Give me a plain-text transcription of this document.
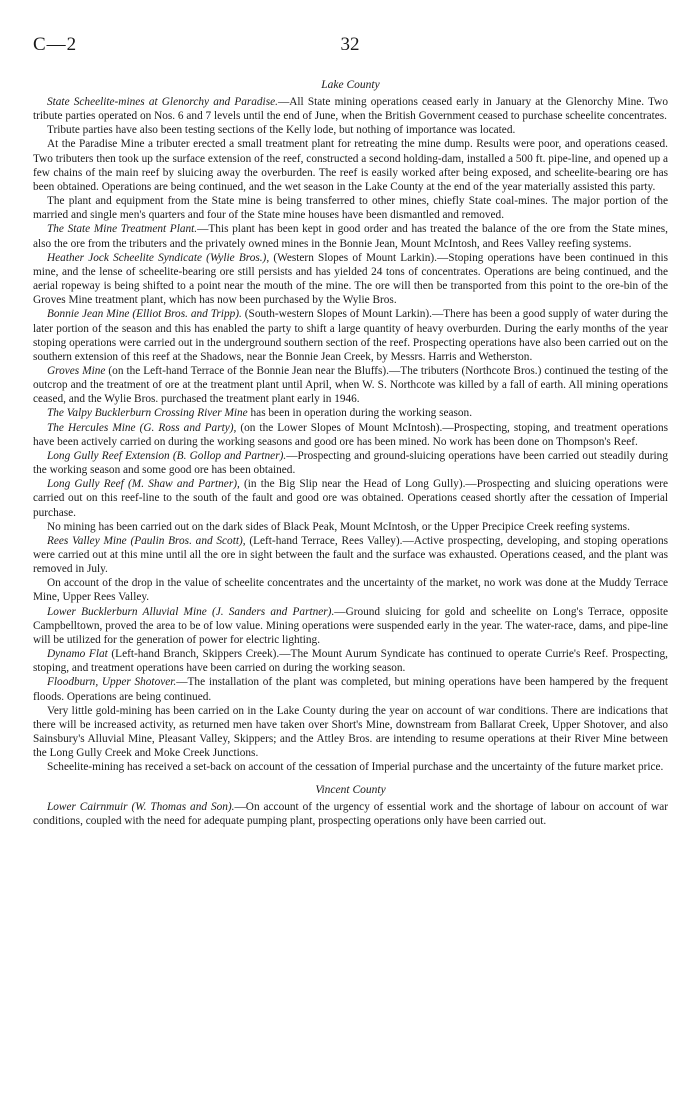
C—2	32
Lake County

State Scheelite-mines at Glenorchy and Paradise.—All State mining operations ceased early in January at the Glenorchy Mine. Two tribute parties operated on Nos. 6 and 7 levels until the end of June, when the British Government ceased to purchase scheelite concentrates.

Tribute parties have also been testing sections of the Kelly lode, but nothing of importance was located.

At the Paradise Mine a tributer erected a small treatment plant for retreating the mine dump. Results were poor, and operations ceased. Two tributers then took up the surface extension of the reef, constructed a second holding-dam, installed a 500 ft. pipe-line, and opened up a few chains of the main reef by sluicing away the overburden. The reef is easily worked after being exposed, and scheelite-bearing ore has been obtained. Operations are being continued, and the wet season in the Lake County at the end of the year materially assisted this party.

The plant and equipment from the State mine is being transferred to other mines, chiefly State coal-mines. The major portion of the married and single men's quarters and four of the State mine houses have been dismantled and removed.

The State Mine Treatment Plant.—This plant has been kept in good order and has treated the balance of the ore from the State mines, also the ore from the tributers and the privately owned mines in the Bonnie Jean, Mount McIntosh, and Rees Valley reefing systems.

Heather Jock Scheelite Syndicate (Wylie Bros.), (Western Slopes of Mount Larkin).—Stoping operations have been continued in this mine, and the lense of scheelite-bearing ore still persists and has yielded 24 tons of concentrates. Operations are being continued, and the aerial ropeway is being shifted to a point near the mouth of the mine. The ore will then be transported from this point to the ore-bin of the Groves Mine treatment plant, which has now been purchased by the Wylie Bros.

Bonnie Jean Mine (Elliot Bros. and Tripp). (South-western Slopes of Mount Larkin).—There has been a good supply of water during the later portion of the season and this has enabled the party to shift a large quantity of heavy overburden. During the early months of the year stoping operations were carried out in the underground southern section of the reef. Prospecting operations have also been carried out on the southern extension of this reef at the Shadows, near the Bonnie Jean Creek, by Messrs. Harris and Wetherston.

Groves Mine (on the Left-hand Terrace of the Bonnie Jean near the Bluffs).—The tributers (Northcote Bros.) continued the testing of the outcrop and the treatment of ore at the treatment plant until April, when W. S. Northcote was killed by a fall of earth. All mining operations ceased, and the Wylie Bros. purchased the treatment plant early in 1946.

The Valpy Bucklerburn Crossing River Mine has been in operation during the working season.

The Hercules Mine (G. Ross and Party), (on the Lower Slopes of Mount McIntosh).—Prospecting, stoping, and treatment operations have been actively carried on during the working seasons and good ore has been mined. No work has been done on Thompson's Reef.

Long Gully Reef Extension (B. Gollop and Partner).—Prospecting and ground-sluicing operations have been carried out steadily during the working season and some good ore has been obtained.

Long Gully Reef (M. Shaw and Partner), (in the Big Slip near the Head of Long Gully).—Prospecting and sluicing operations were carried out on this reef-line to the south of the fault and good ore was obtained. Operations ceased shortly after the cessation of Imperial purchase.

No mining has been carried out on the dark sides of Black Peak, Mount McIntosh, or the Upper Precipice Creek reefing systems.

Rees Valley Mine (Paulin Bros. and Scott), (Left-hand Terrace, Rees Valley).—Active prospecting, developing, and stoping operations were carried out at this mine until all the ore in sight between the fault and the surface was exhausted. Operations ceased, and the plant was removed in July.

On account of the drop in the value of scheelite concentrates and the uncertainty of the market, no work was done at the Muddy Terrace Mine, Upper Rees Valley.

Lower Bucklerburn Alluvial Mine (J. Sanders and Partner).—Ground sluicing for gold and scheelite on Long's Terrace, opposite Campbelltown, proved the area to be of low value. Mining operations were suspended early in the year. The water-race, dams, and pipe-line will be utilized for the generation of power for electric lighting.

Dynamo Flat (Left-hand Branch, Skippers Creek).—The Mount Aurum Syndicate has continued to operate Currie's Reef. Prospecting, stoping, and treatment operations have been carried on during the working season.

Floodburn, Upper Shotover.—The installation of the plant was completed, but mining operations have been hampered by the frequent floods. Operations are being continued.

Very little gold-mining has been carried on in the Lake County during the year on account of war conditions. There are indications that there will be increased activity, as returned men have taken over Short's Mine, downstream from Ballarat Creek, Upper Shotover, and also Sainsbury's Alluvial Mine, Pleasant Valley, Skippers; and the Attley Bros. are intending to resume operations at their River Mine between the Long Gully Creek and Moke Creek Junctions.

Scheelite-mining has received a set-back on account of the cessation of Imperial purchase and the uncertainty of the future market price.

Vincent County

Lower Cairnmuir (W. Thomas and Son).—On account of the urgency of essential work and the shortage of labour on account of war conditions, coupled with the need for adequate pumping plant, prospecting operations only have been carried out.
